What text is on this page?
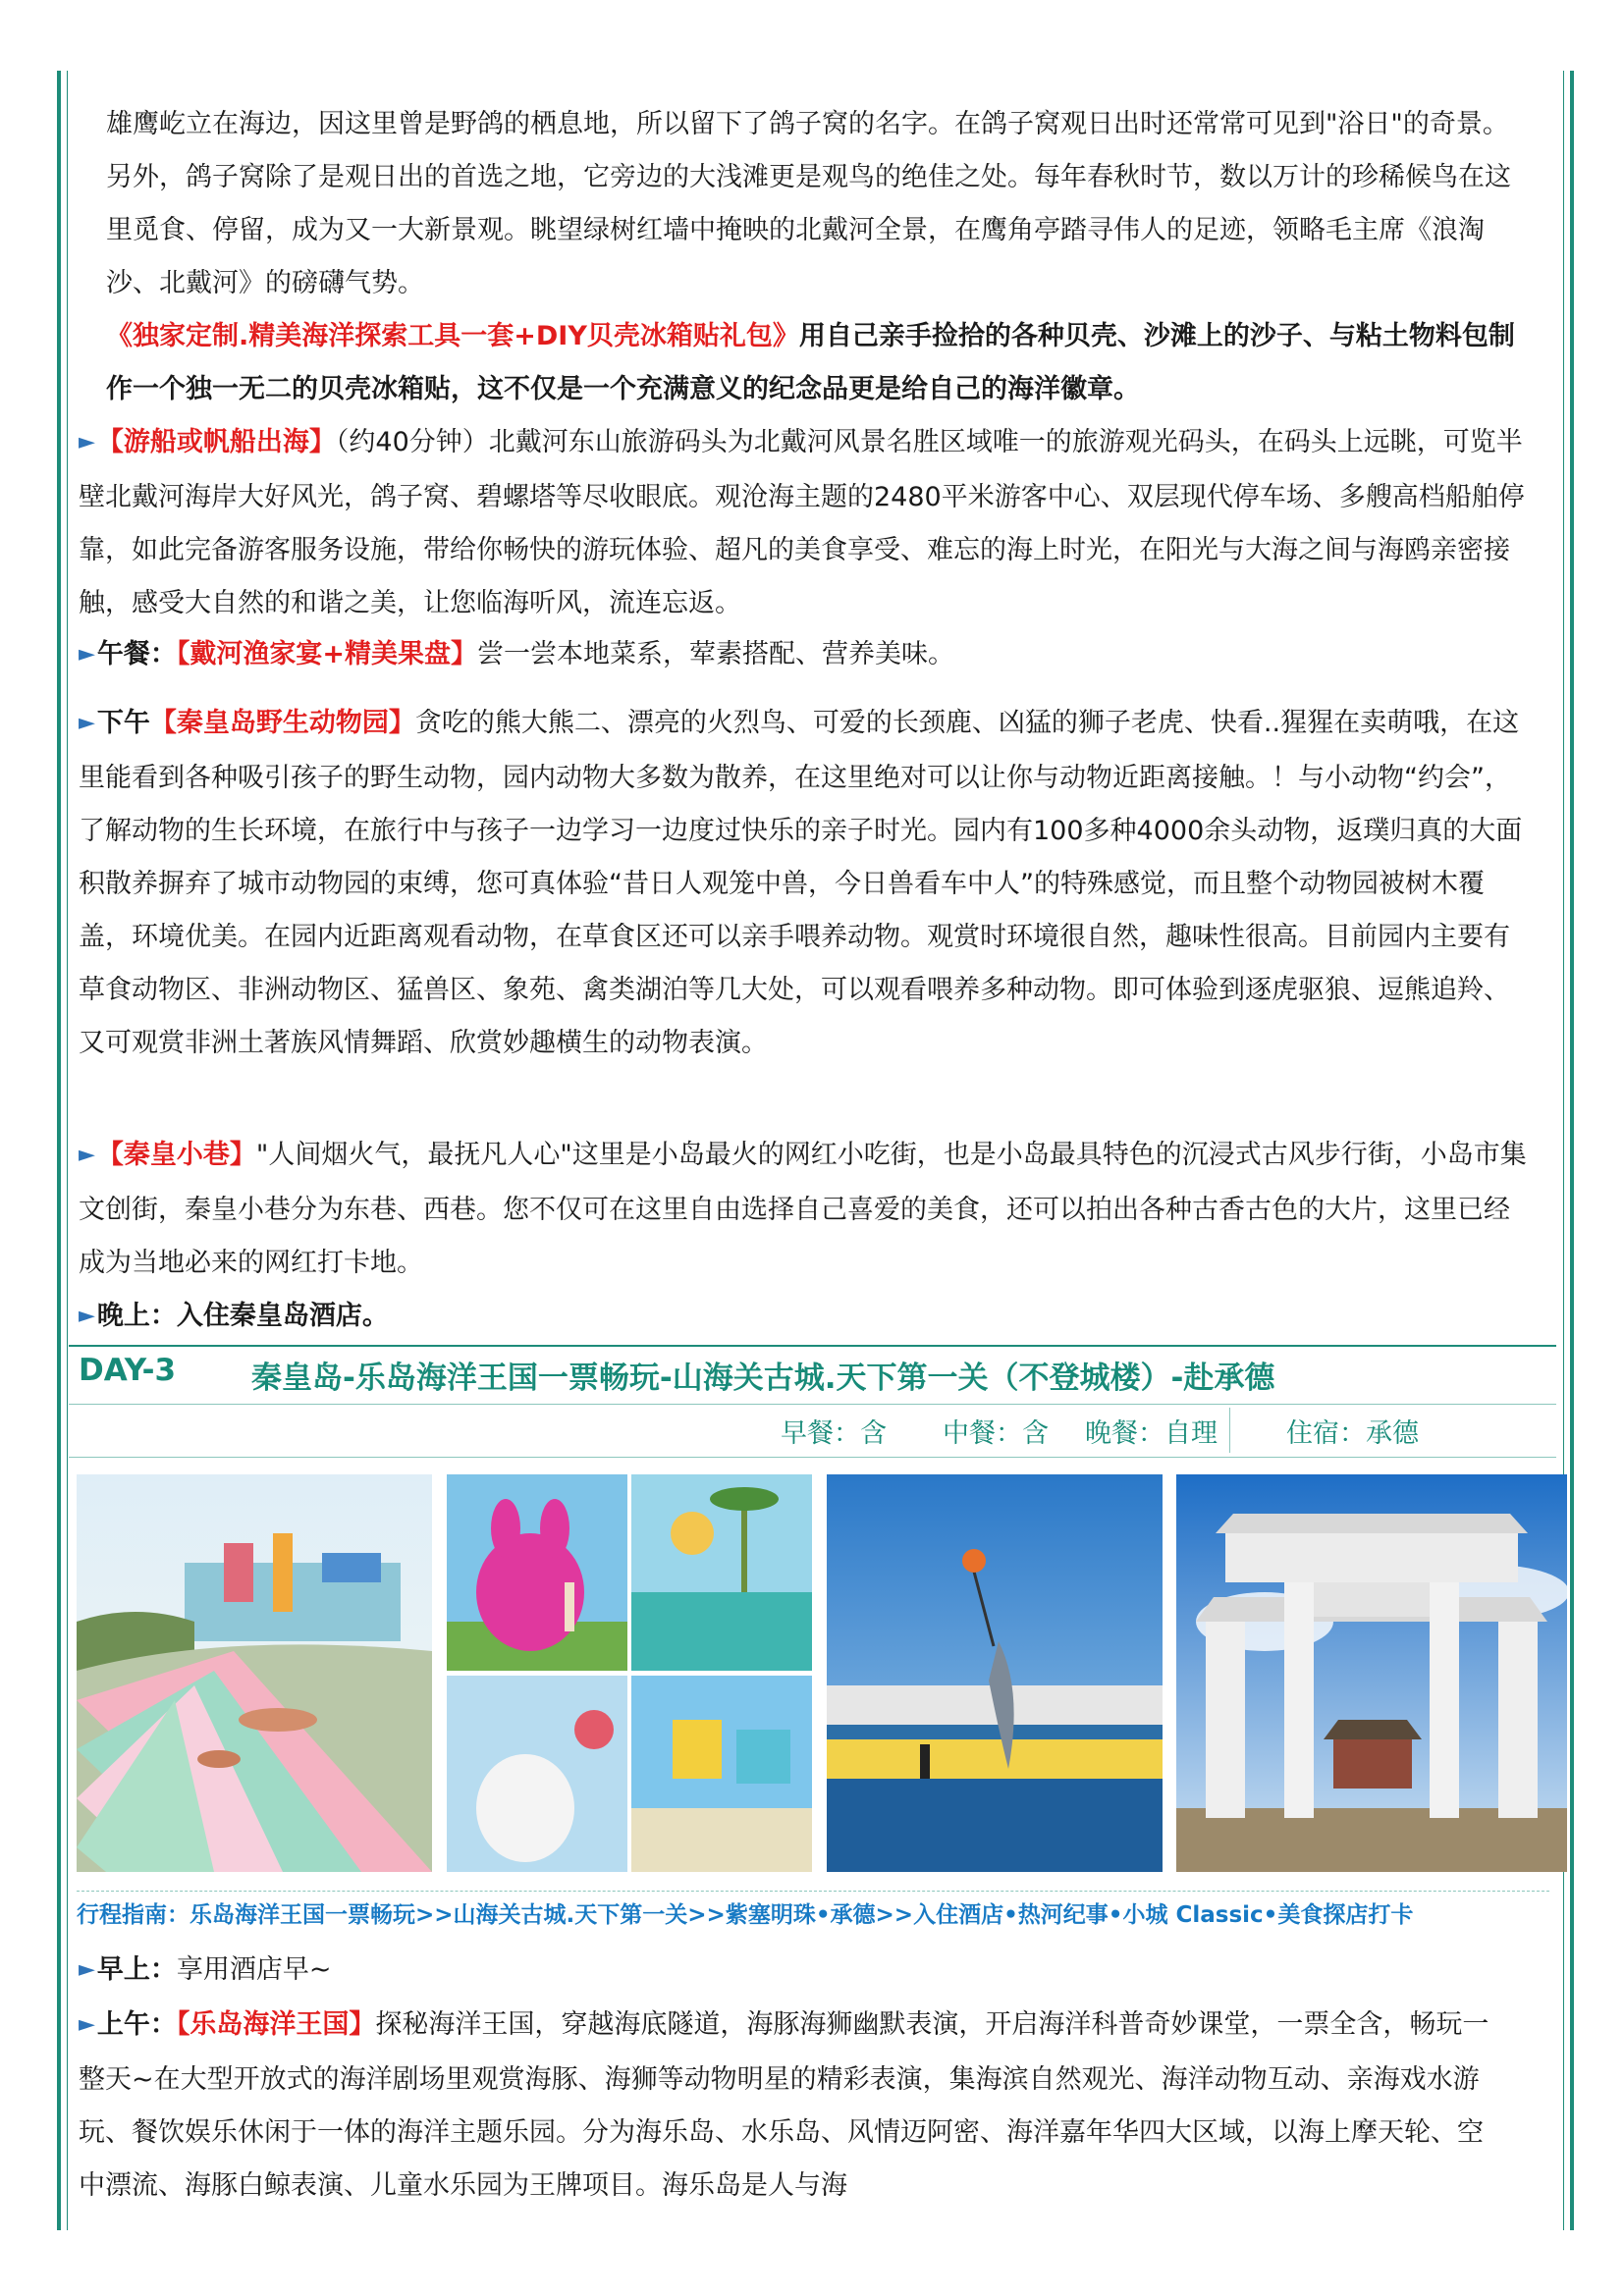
雄鹰屹立在海边，因这里曾是野鸽的栖息地，所以留下了鸽子窝的名字。在鸽子窝观日出时还常常可见到"浴日"的奇景。另外，鸽子窝除了是观日出的首选之地，它旁边的大浅滩更是观鸟的绝佳之处。每年春秋时节，数以万计的珍稀候鸟在这里觅食、停留，成为又一大新景观。眺望绿树红墙中掩映的北戴河全景，在鹰角亭踏寻伟人的足迹，领略毛主席《浪淘沙、北戴河》的磅礴气势。

《独家定制.精美海洋探索工具一套+DIY贝壳冰箱贴礼包》用自己亲手捡拾的各种贝壳、沙滩上的沙子、与粘土物料包制作一个独一无二的贝壳冰箱贴，这不仅是一个充满意义的纪念品更是给自己的海洋徽章。

►【游船或帆船出海】（约40分钟）北戴河东山旅游码头为北戴河风景名胜区域唯一的旅游观光码头，在码头上远眺，可览半壁北戴河海岸大好风光，鸽子窝、碧螺塔等尽收眼底。观沧海主题的2480平米游客中心、双层现代停车场、多艘高档船舶停靠，如此完备游客服务设施，带给你畅快的游玩体验、超凡的美食享受、难忘的海上时光，在阳光与大海之间与海鸥亲密接触，感受大自然的和谐之美，让您临海听风，流连忘返。

►午餐：【戴河渔家宴+精美果盘】尝一尝本地菜系，荤素搭配、营养美味。

►下午【秦皇岛野生动物园】贪吃的熊大熊二、漂亮的火烈鸟、可爱的长颈鹿、凶猛的狮子老虎、快看..猩猩在卖萌哦，在这里能看到各种吸引孩子的野生动物，园内动物大多数为散养，在这里绝对可以让你与动物近距离接触。！与小动物“约会”，了解动物的生长环境，在旅行中与孩子一边学习一边度过快乐的亲子时光。园内有100多种4000余头动物，返璞归真的大面积散养摒弃了城市动物园的束缚，您可真体验“昔日人观笼中兽，今日兽看车中人”的特殊感觉，而且整个动物园被树木覆盖，环境优美。在园内近距离观看动物，在草食区还可以亲手喂养动物。观赏时环境很自然，趣味性很高。目前园内主要有草食动物区、非洲动物区、猛兽区、象苑、禽类湖泊等几大处，可以观看喂养多种动物。即可体验到逐虎驱狼、逗熊追羚、又可观赏非洲土著族风情舞蹈、欣赏妙趣横生的动物表演。

►【秦皇小巷】"人间烟火气，最抚凡人心"这里是小岛最火的网红小吃街，也是小岛最具特色的沉浸式古风步行街，小岛市集文创街，秦皇小巷分为东巷、西巷。您不仅可在这里自由选择自己喜爱的美食，还可以拍出各种古香古色的大片，这里已经成为当地必来的网红打卡地。

►晚上：入住秦皇岛酒店。

DAY-3 秦皇岛-乐岛海洋王国一票畅玩-山海关古城.天下第一关（不登城楼）-赴承德
早餐：含 中餐：含 晚餐：自理	住宿：承德
行程指南：乐岛海洋王国一票畅玩>>山海关古城.天下第一关>>紫塞明珠•承德>>入住酒店•热河纪事•小城 Classic•美食探店打卡

►早上：享用酒店早~

►上午：【乐岛海洋王国】探秘海洋王国，穿越海底隧道，海豚海狮幽默表演，开启海洋科普奇妙课堂，一票全含，畅玩一整天~在大型开放式的海洋剧场里观赏海豚、海狮等动物明星的精彩表演，集海滨自然观光、海洋动物互动、亲海戏水游玩、餐饮娱乐休闲于一体的海洋主题乐园。分为海乐岛、水乐岛、风情迈阿密、海洋嘉年华四大区域，以海上摩天轮、空中漂流、海豚白鲸表演、儿童水乐园为王牌项目。海乐岛是人与海
